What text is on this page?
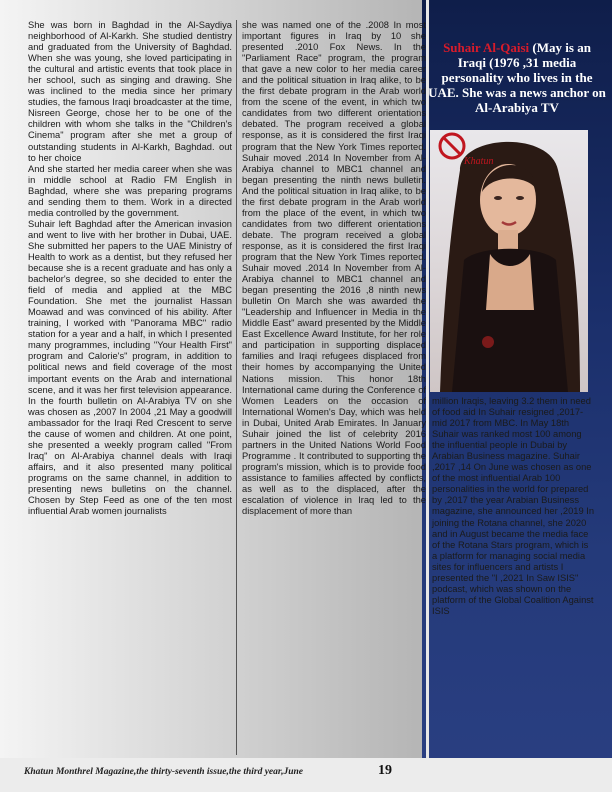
She was born in Baghdad in the Al-Saydiya neighborhood of Al-Karkh. She studied dentistry and graduated from the University of Baghdad. When she was young, she loved participating in the cultural and artistic events that took place in her school, such as singing and drawing. She was inclined to the media since her primary studies, the famous Iraqi broadcaster at the time, Nisreen George, chose her to be one of the children with whom she talks in the "Children's Cinema" program after she met a group of outstanding students in Al-Karkh, Baghdad. out to her choice

And she started her media career when she was in middle school at Radio FM English in Baghdad, where she was preparing programs and sending them to them. Work in a directed media controlled by the government.

Suhair left Baghdad after the American invasion and went to live with her brother in Dubai, UAE. She submitted her papers to the UAE Ministry of Health to work as a dentist, but they refused her because she is a recent graduate and has only a bachelor's degree, so she decided to enter the field of media and applied at the MBC Foundation. She met the journalist Hassan Moawad and was convinced of his ability. After training, I worked with "Panorama MBC" radio station for a year and a half, in which I presented many programmes, including "Your Health First" program and Calorie's" program, in addition to political news and field coverage of the most important events on the Arab and international scene, and it was her first television appearance. In the fourth bulletin on Al-Arabiya TV on she was chosen as ,2007 In 2004 ,21 May a goodwill ambassador for the Iraqi Red Crescent to serve the cause of women and children. At one point, she presented a weekly program called "From Iraq" on Al-Arabiya channel deals with Iraqi affairs, and it also presented many political programs on the same channel, in addition to presenting news bulletins on the channel. Chosen by Step Feed as one of the ten most influential Arab women journalists

she was named one of the .2008 In most important figures in Iraq by 10 she presented .2010 Fox News. In the "Parliament Race" program, the program that gave a new color to her media career and the political situation in Iraq alike, to be the first debate program in the Arab world from the scene of the event, in which two candidates from two different orientations debated. The program received a global response, as it is considered the first Iraqi program that the New York Times reported. Suhair moved .2014 In November from Al-Arabiya channel to MBC1 channel and began presenting the ninth news bulletin. And the political situation in Iraq alike, to be the first debate program in the Arab world from the place of the event, in which two candidates from two different orientations debate. The program received a global response, as it is considered the first Iraqi program that the New York Times reported. Suhair moved .2014 In November from Al-Arabiya channel to MBC1 channel and began presenting the 2016 ,8 ninth news bulletin On March she was awarded the "Leadership and Influencer in Media in the Middle East" award presented by the Middle East Excellence Award Institute, for her role and participation in supporting displaced families and Iraqi refugees displaced from their homes by accompanying the United Nations mission. This honor 18th International came during the Conference of Women Leaders on the occasion of International Women's Day, which was held in Dubai, United Arab Emirates. In January Suhair joined the list of celebrity 2016 partners in the United Nations World Food Programme . It contributed to supporting the program's mission, which is to provide food assistance to families affected by conflicts, as well as to the displaced, after the escalation of violence in Iraq led to the displacement of more than

Suhair Al-Qaisi (May is an Iraqi (1976 ,31 media personality who lives in the UAE. She was a news anchor on Al-Arabiya TV
Khatun

million Iraqis, leaving 3.2 them in need of food aid In Suhair resigned ,2017-mid 2017 from MBC. In May 18th Suhair was ranked most 100 among the influential people in Dubai by Arabian Business magazine. Suhair ,2017 ,14 On June was chosen as one of the most influential Arab 100 personalities in the world for prepared by ,2017 the year Arabian Business magazine, she announced her ,2019 In joining the Rotana channel, she 2020 and in August became the media face of the Rotana Stars program, which is a platform for managing social media sites for influencers and artists I presented the "I ,2021 In Saw ISIS" podcast, which was shown on the platform of the Global Coalition Against ISIS

Khatun Monthrel Magazine,the thirty-seventh issue,the third year,June	19
